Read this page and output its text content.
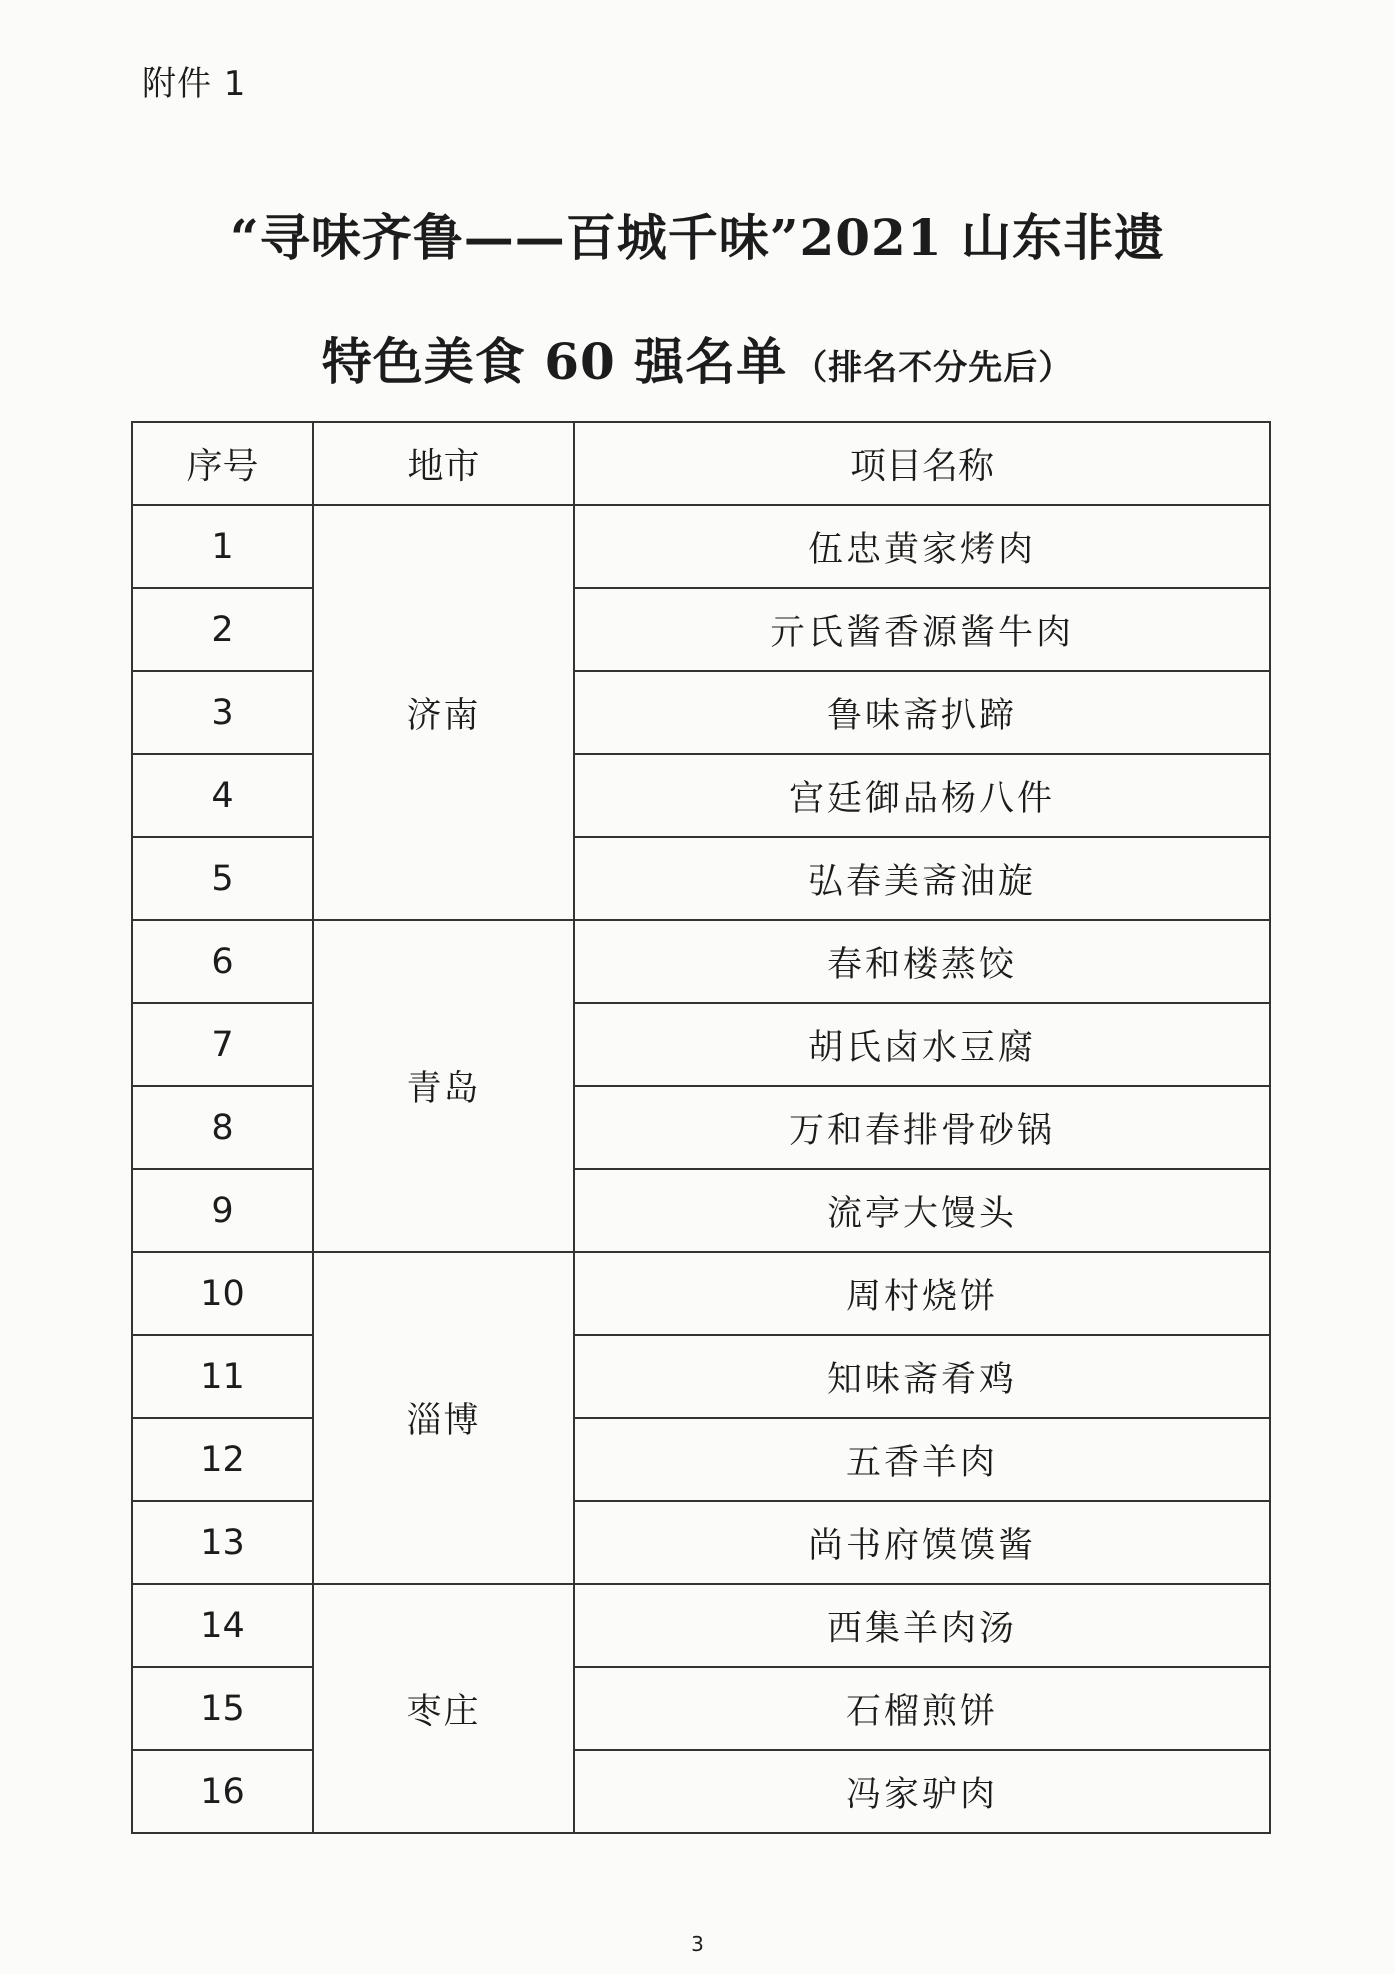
附件 1
“寻味齐鲁——百城千味”2021 山东非遗
特色美食 60 强名单 （排名不分先后）
序号	地市	项目名称
1	济南	伍忠黄家烤肉
2		亓氏酱香源酱牛肉
3		鲁味斋扒蹄
4		宫廷御品杨八件
5		弘春美斋油旋
6	青岛	春和楼蒸饺
7		胡氏卤水豆腐
8		万和春排骨砂锅
9		流亭大馒头
10	淄博	周村烧饼
11		知味斋肴鸡
12		五香羊肉
13		尚书府馍馍酱
14	枣庄	西集羊肉汤
15		石榴煎饼
16		冯家驴肉
3
